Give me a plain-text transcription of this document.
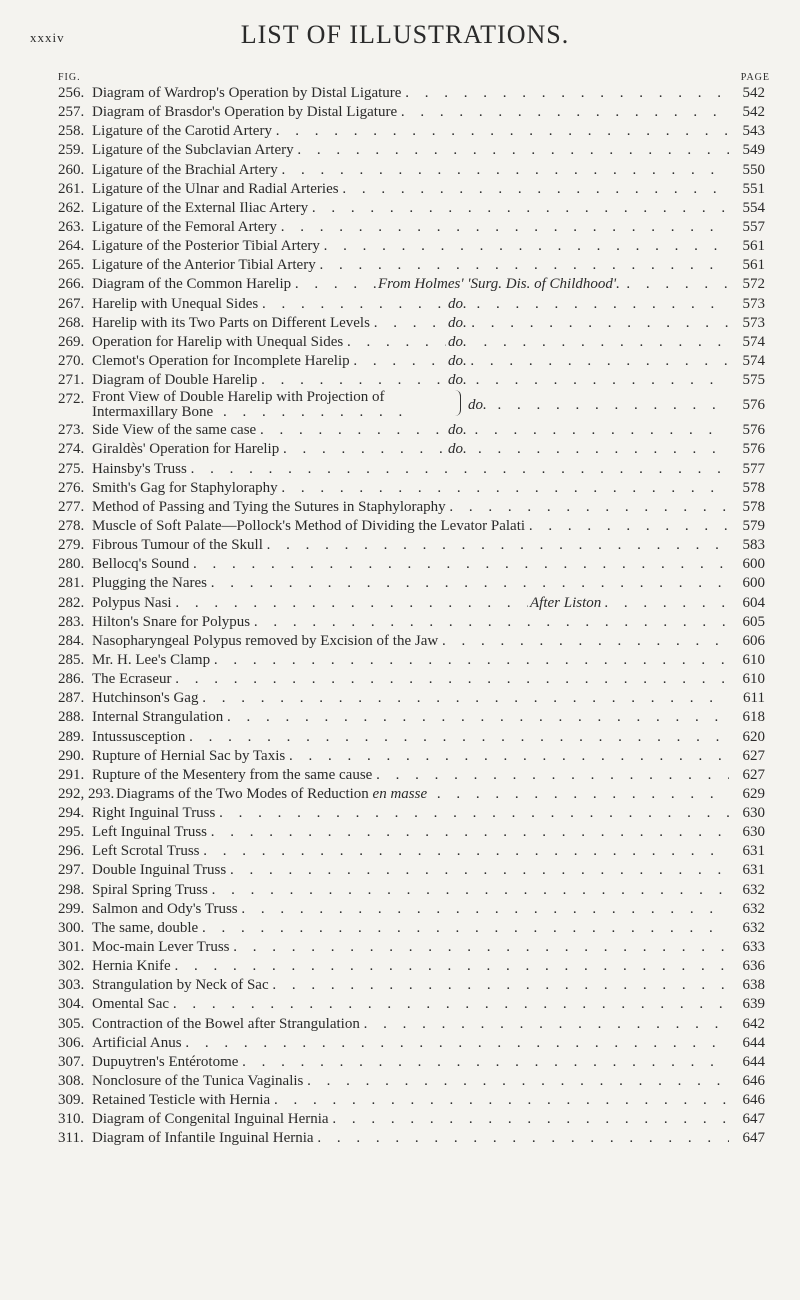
xxxiv	LIST OF ILLUSTRATIONS.
FIG.	PAGE
256. Diagram of Wardrop's Operation by Distal Ligature . . .	542
257. Diagram of Brasdor's Operation by Distal Ligature . . .	542
258. Ligature of the Carotid Artery . . .	543
259. Ligature of the Subclavian Artery . . .	549
260. Ligature of the Brachial Artery . . .	550
261. Ligature of the Ulnar and Radial Arteries . . .	551
262. Ligature of the External Iliac Artery . . .	554
263. Ligature of the Femoral Artery . . .	557
264. Ligature of the Posterior Tibial Artery . . .	561
265. Ligature of the Anterior Tibial Artery . . .	561
266. Diagram of the Common Harelip . . .	From Holmes' 'Surg. Dis. of Childhood'.	572
267. Harelip with Unequal Sides . . .	do.	573
268. Harelip with its Two Parts on Different Levels . . .	do.	573
269. Operation for Harelip with Unequal Sides . . .	do.	574
270. Clemot's Operation for Incomplete Harelip . . .	do.	574
271. Diagram of Double Harelip . . .	do.	575
272. Front View of Double Harelip with Projection of
Intermaxillary Bone . . . . . .	do.	576
273. Side View of the same case . . .	do.	576
274. Giraldès' Operation for Harelip . . .	do.	576
275. Hainsby's Truss . . .	577
276. Smith's Gag for Staphyloraphy . . .	578
277. Method of Passing and Tying the Sutures in Staphyloraphy . . .	578
278. Muscle of Soft Palate—Pollock's Method of Dividing the Levator Palati . . .	579
279. Fibrous Tumour of the Skull . . .	583
280. Bellocq's Sound . . .	600
281. Plugging the Nares . . .	600
282. Polypus Nasi . . .	After Liston	604
283. Hilton's Snare for Polypus . . .	605
284. Nasopharyngeal Polypus removed by Excision of the Jaw . . .	606
285. Mr. H. Lee's Clamp . . .	610
286. The Ecraseur . . .	610
287. Hutchinson's Gag . . .	611
288. Internal Strangulation . . .	618
289. Intussusception . . .	620
290. Rupture of Hernial Sac by Taxis . . .	627
291. Rupture of the Mesentery from the same cause . . .	627
292, 293. Diagrams of the Two Modes of Reduction en masse . . .	629
294. Right Inguinal Truss . . .	630
295. Left Inguinal Truss . . .	630
296. Left Scrotal Truss . . .	631
297. Double Inguinal Truss . . .	631
298. Spiral Spring Truss . . .	632
299. Salmon and Ody's Truss . . .	632
300. The same, double . . .	632
301. Moc-main Lever Truss . . .	633
302. Hernia Knife . . .	636
303. Strangulation by Neck of Sac . . .	638
304. Omental Sac . . .	639
305. Contraction of the Bowel after Strangulation . . .	642
306. Artificial Anus . . .	644
307. Dupuytren's Entérotome . . .	644
308. Nonclosure of the Tunica Vaginalis . . .	646
309. Retained Testicle with Hernia . . .	646
310. Diagram of Congenital Inguinal Hernia . . .	647
311. Diagram of Infantile Inguinal Hernia . . .	647
